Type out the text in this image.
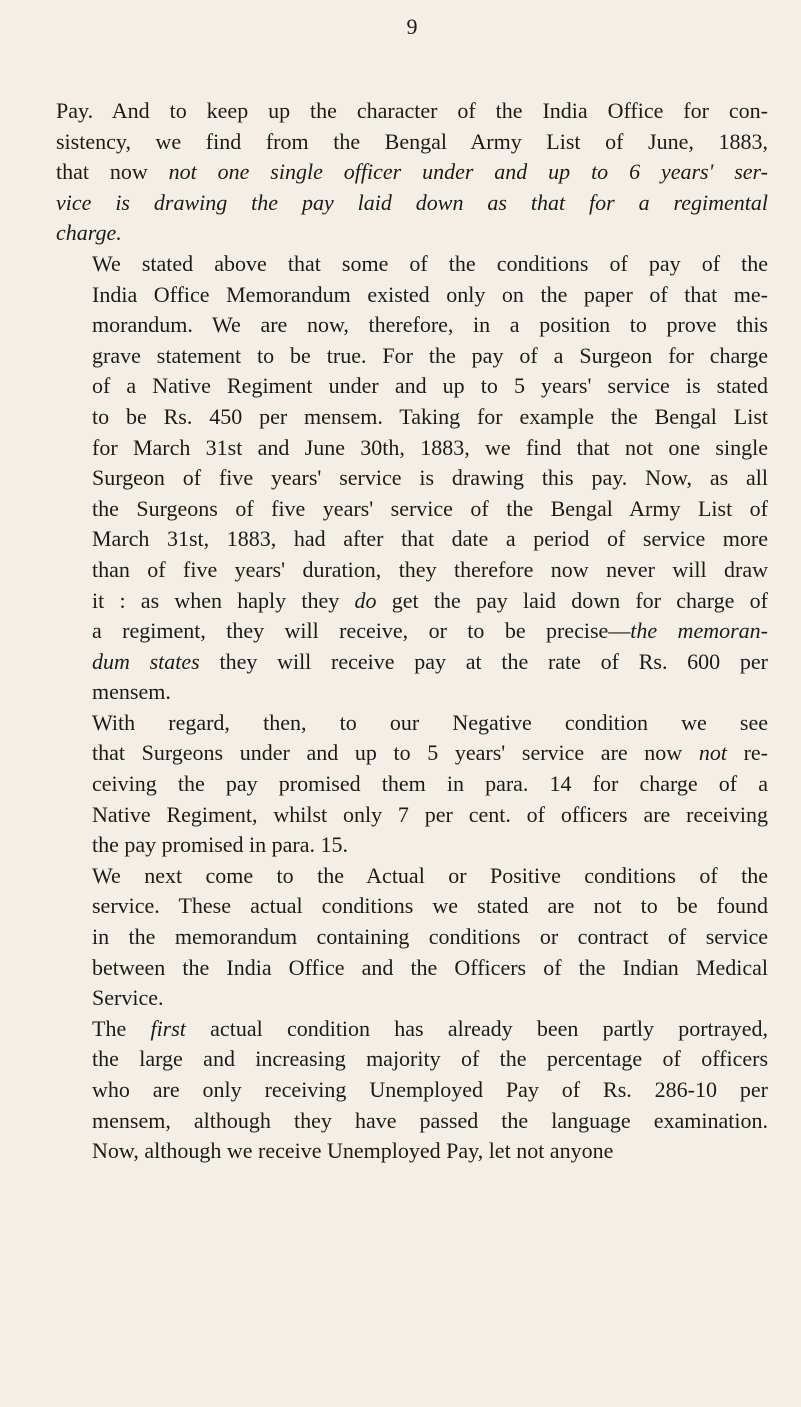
9

Pay. And to keep up the character of the India Office for con-
sistency, we find from the Bengal Army List of June, 1883,
that now not one single officer under and up to 6 years' ser-
vice is drawing the pay laid down as that for a regimental
charge.

We stated above that some of the conditions of pay of the
India Office Memorandum existed only on the paper of that me-
morandum. We are now, therefore, in a position to prove this
grave statement to be true. For the pay of a Surgeon for charge
of a Native Regiment under and up to 5 years' service is stated
to be Rs. 450 per mensem. Taking for example the Bengal List
for March 31st and June 30th, 1883, we find that not one single
Surgeon of five years' service is drawing this pay. Now, as all
the Surgeons of five years' service of the Bengal Army List of
March 31st, 1883, had after that date a period of service more
than of five years' duration, they therefore now never will draw
it : as when haply they do get the pay laid down for charge of
a regiment, they will receive, or to be precise—the memoran-
dum states they will receive pay at the rate of Rs. 600 per
mensem.

With regard, then, to our Negative condition we see
that Surgeons under and up to 5 years' service are now not re-
ceiving the pay promised them in para. 14 for charge of a
Native Regiment, whilst only 7 per cent. of officers are receiving
the pay promised in para. 15.

We next come to the Actual or Positive conditions of the
service. These actual conditions we stated are not to be found
in the memorandum containing conditions or contract of service
between the India Office and the Officers of the Indian Medical
Service.

The first actual condition has already been partly portrayed,
the large and increasing majority of the percentage of officers
who are only receiving Unemployed Pay of Rs. 286-10 per
mensem, although they have passed the language examination.
Now, although we receive Unemployed Pay, let not anyone
